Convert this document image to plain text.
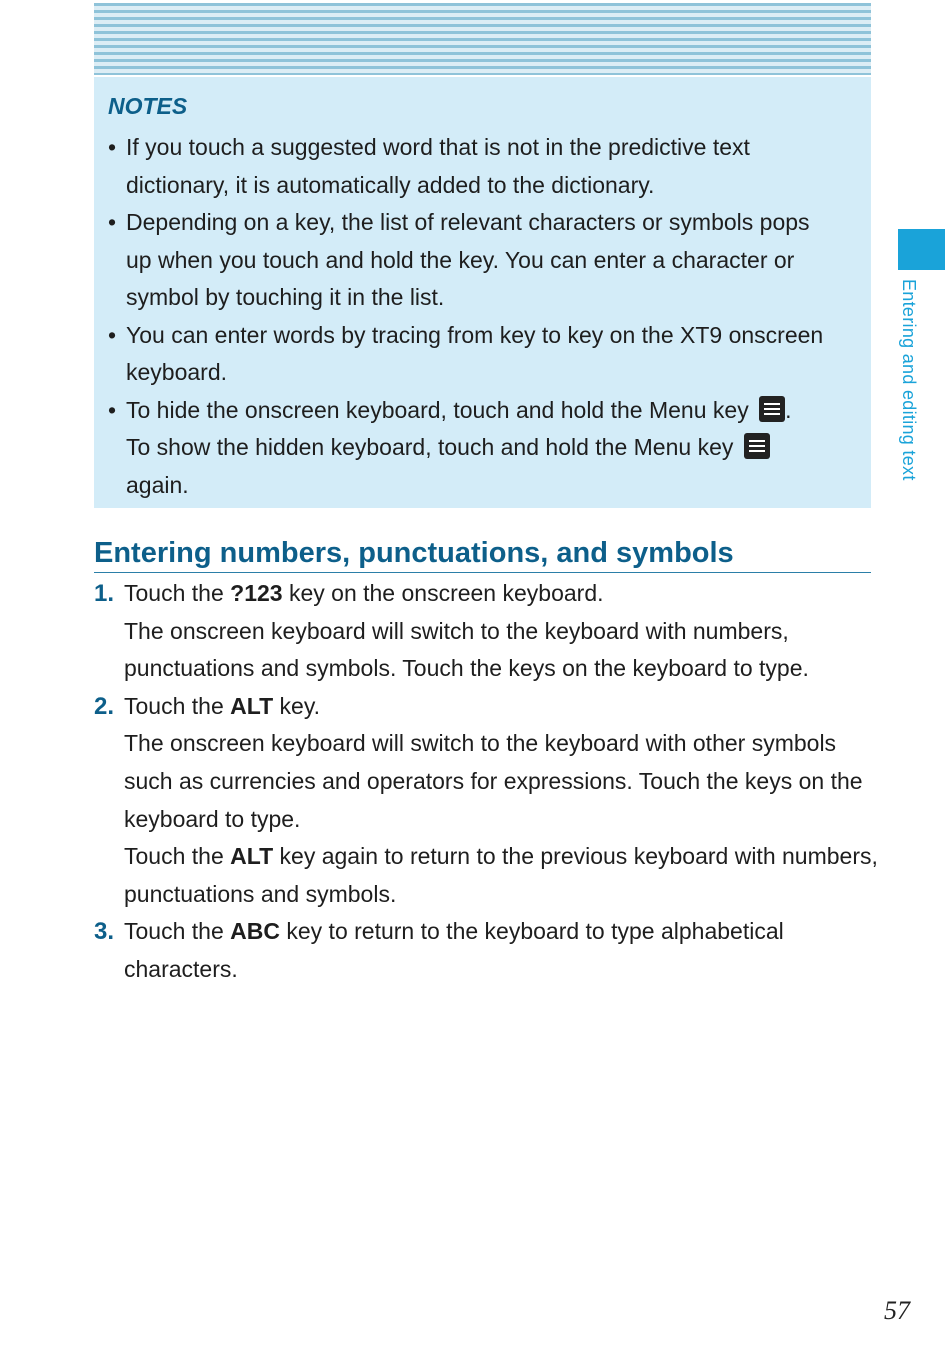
NOTES

• If you touch a suggested word that is not in the predictive text dictionary, it is automatically added to the dictionary.

• Depending on a key, the list of relevant characters or symbols pops up when you touch and hold the key. You can enter a character or symbol by touching it in the list.

• You can enter words by tracing from key to key on the XT9 onscreen keyboard.

• To hide the onscreen keyboard, touch and hold the Menu key .
To show the hidden keyboard, touch and hold the Menu key

again.

Entering and editing text
Entering numbers, punctuations, and symbols
1. Touch the ?123 key on the onscreen keyboard.

The onscreen keyboard will switch to the keyboard with numbers, punctuations and symbols. Touch the keys on the keyboard to type.

2. Touch the ALT key.

The onscreen keyboard will switch to the keyboard with other symbols such as currencies and operators for expressions. Touch the keys on the keyboard to type.

Touch the ALT key again to return to the previous keyboard with numbers, punctuations and symbols.

3. Touch the ABC key to return to the keyboard to type alphabetical characters.

57
